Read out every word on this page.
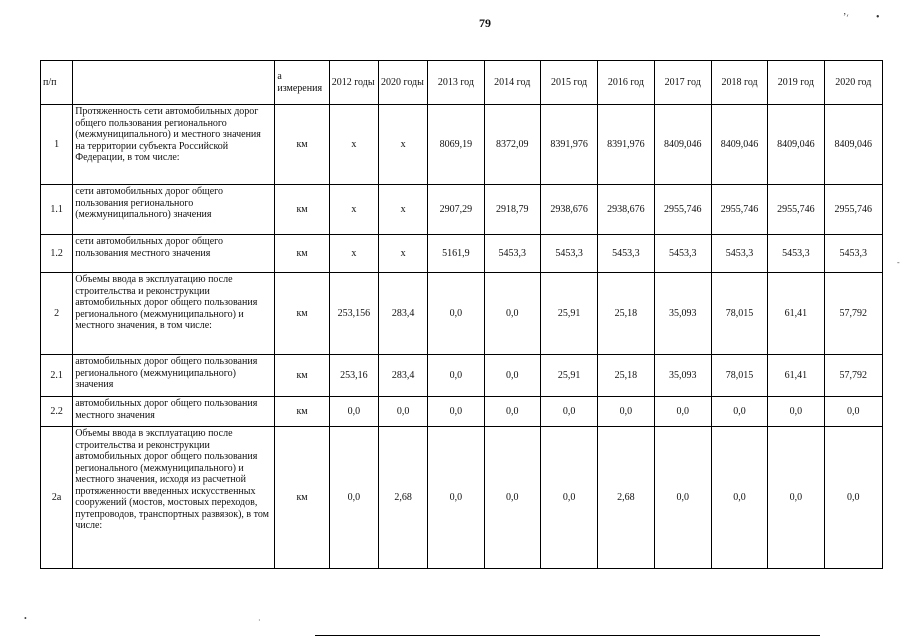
79	ʼ׳	•
п/п		а измерения	2012 годы	2020 годы	2013 год	2014 год	2015 год	2016 год	2017 год	2018 год	2019 год	2020 год
1	Протяженность сети автомобильных дорог общего пользования регионального (межмуниципального) и местного значения на территории субъекта Российской Федерации, в том числе:	км	х	х	8069,19	8372,09	8391,976	8391,976	8409,046	8409,046	8409,046	8409,046
1.1	сети автомобильных дорог общего пользования регионального (межмуниципального) значения	км	х	х	2907,29	2918,79	2938,676	2938,676	2955,746	2955,746	2955,746	2955,746
1.2	сети автомобильных дорог общего пользования местного значения	км	х	х	5161,9	5453,3	5453,3	5453,3	5453,3	5453,3	5453,3	5453,3
2	Объемы ввода в эксплуатацию после строительства и реконструкции автомобильных дорог общего пользования регионального (межмуниципального) и местного значения, в том числе:	км	253,156	283,4	0,0	0,0	25,91	25,18	35,093	78,015	61,41	57,792
2.1	автомобильных дорог общего пользования регионального (межмуниципального) значения	км	253,16	283,4	0,0	0,0	25,91	25,18	35,093	78,015	61,41	57,792
2.2	автомобильных дорог общего пользования местного значения	км	0,0	0,0	0,0	0,0	0,0	0,0	0,0	0,0	0,0	0,0
2а	Объемы ввода в эксплуатацию после строительства и реконструкции автомобильных дорог общего пользования регионального (межмуниципального) и местного значения, исходя из расчетной протяженности введенных искусственных сооружений (мостов, мостовых переходов, путепроводов, транспортных развязок), в том числе:	км	0,0	2,68	0,0	0,0	0,0	2,68	0,0	0,0	0,0	0,0
•	·
-
